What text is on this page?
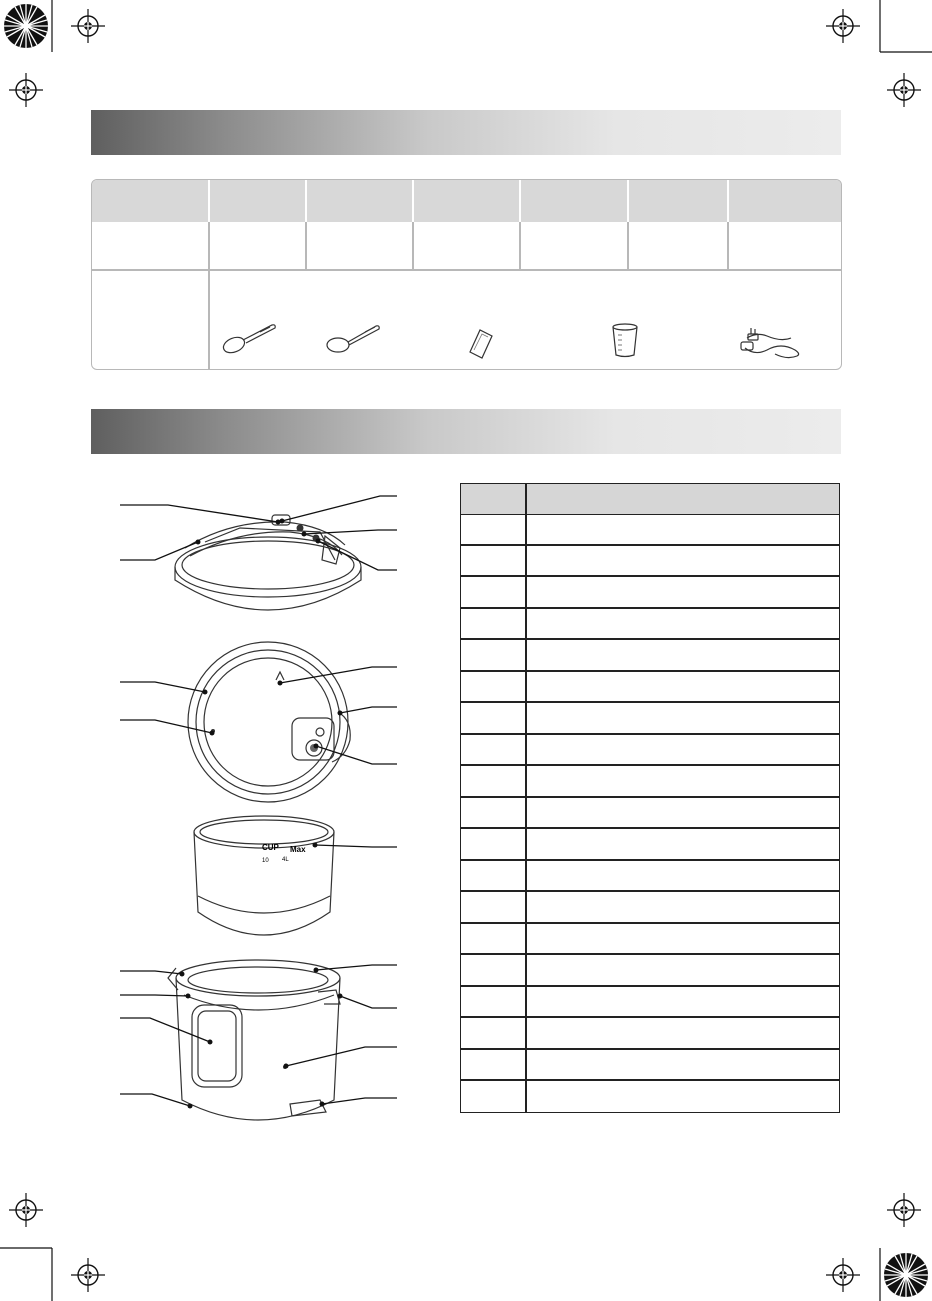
CUP Max
4L
10
